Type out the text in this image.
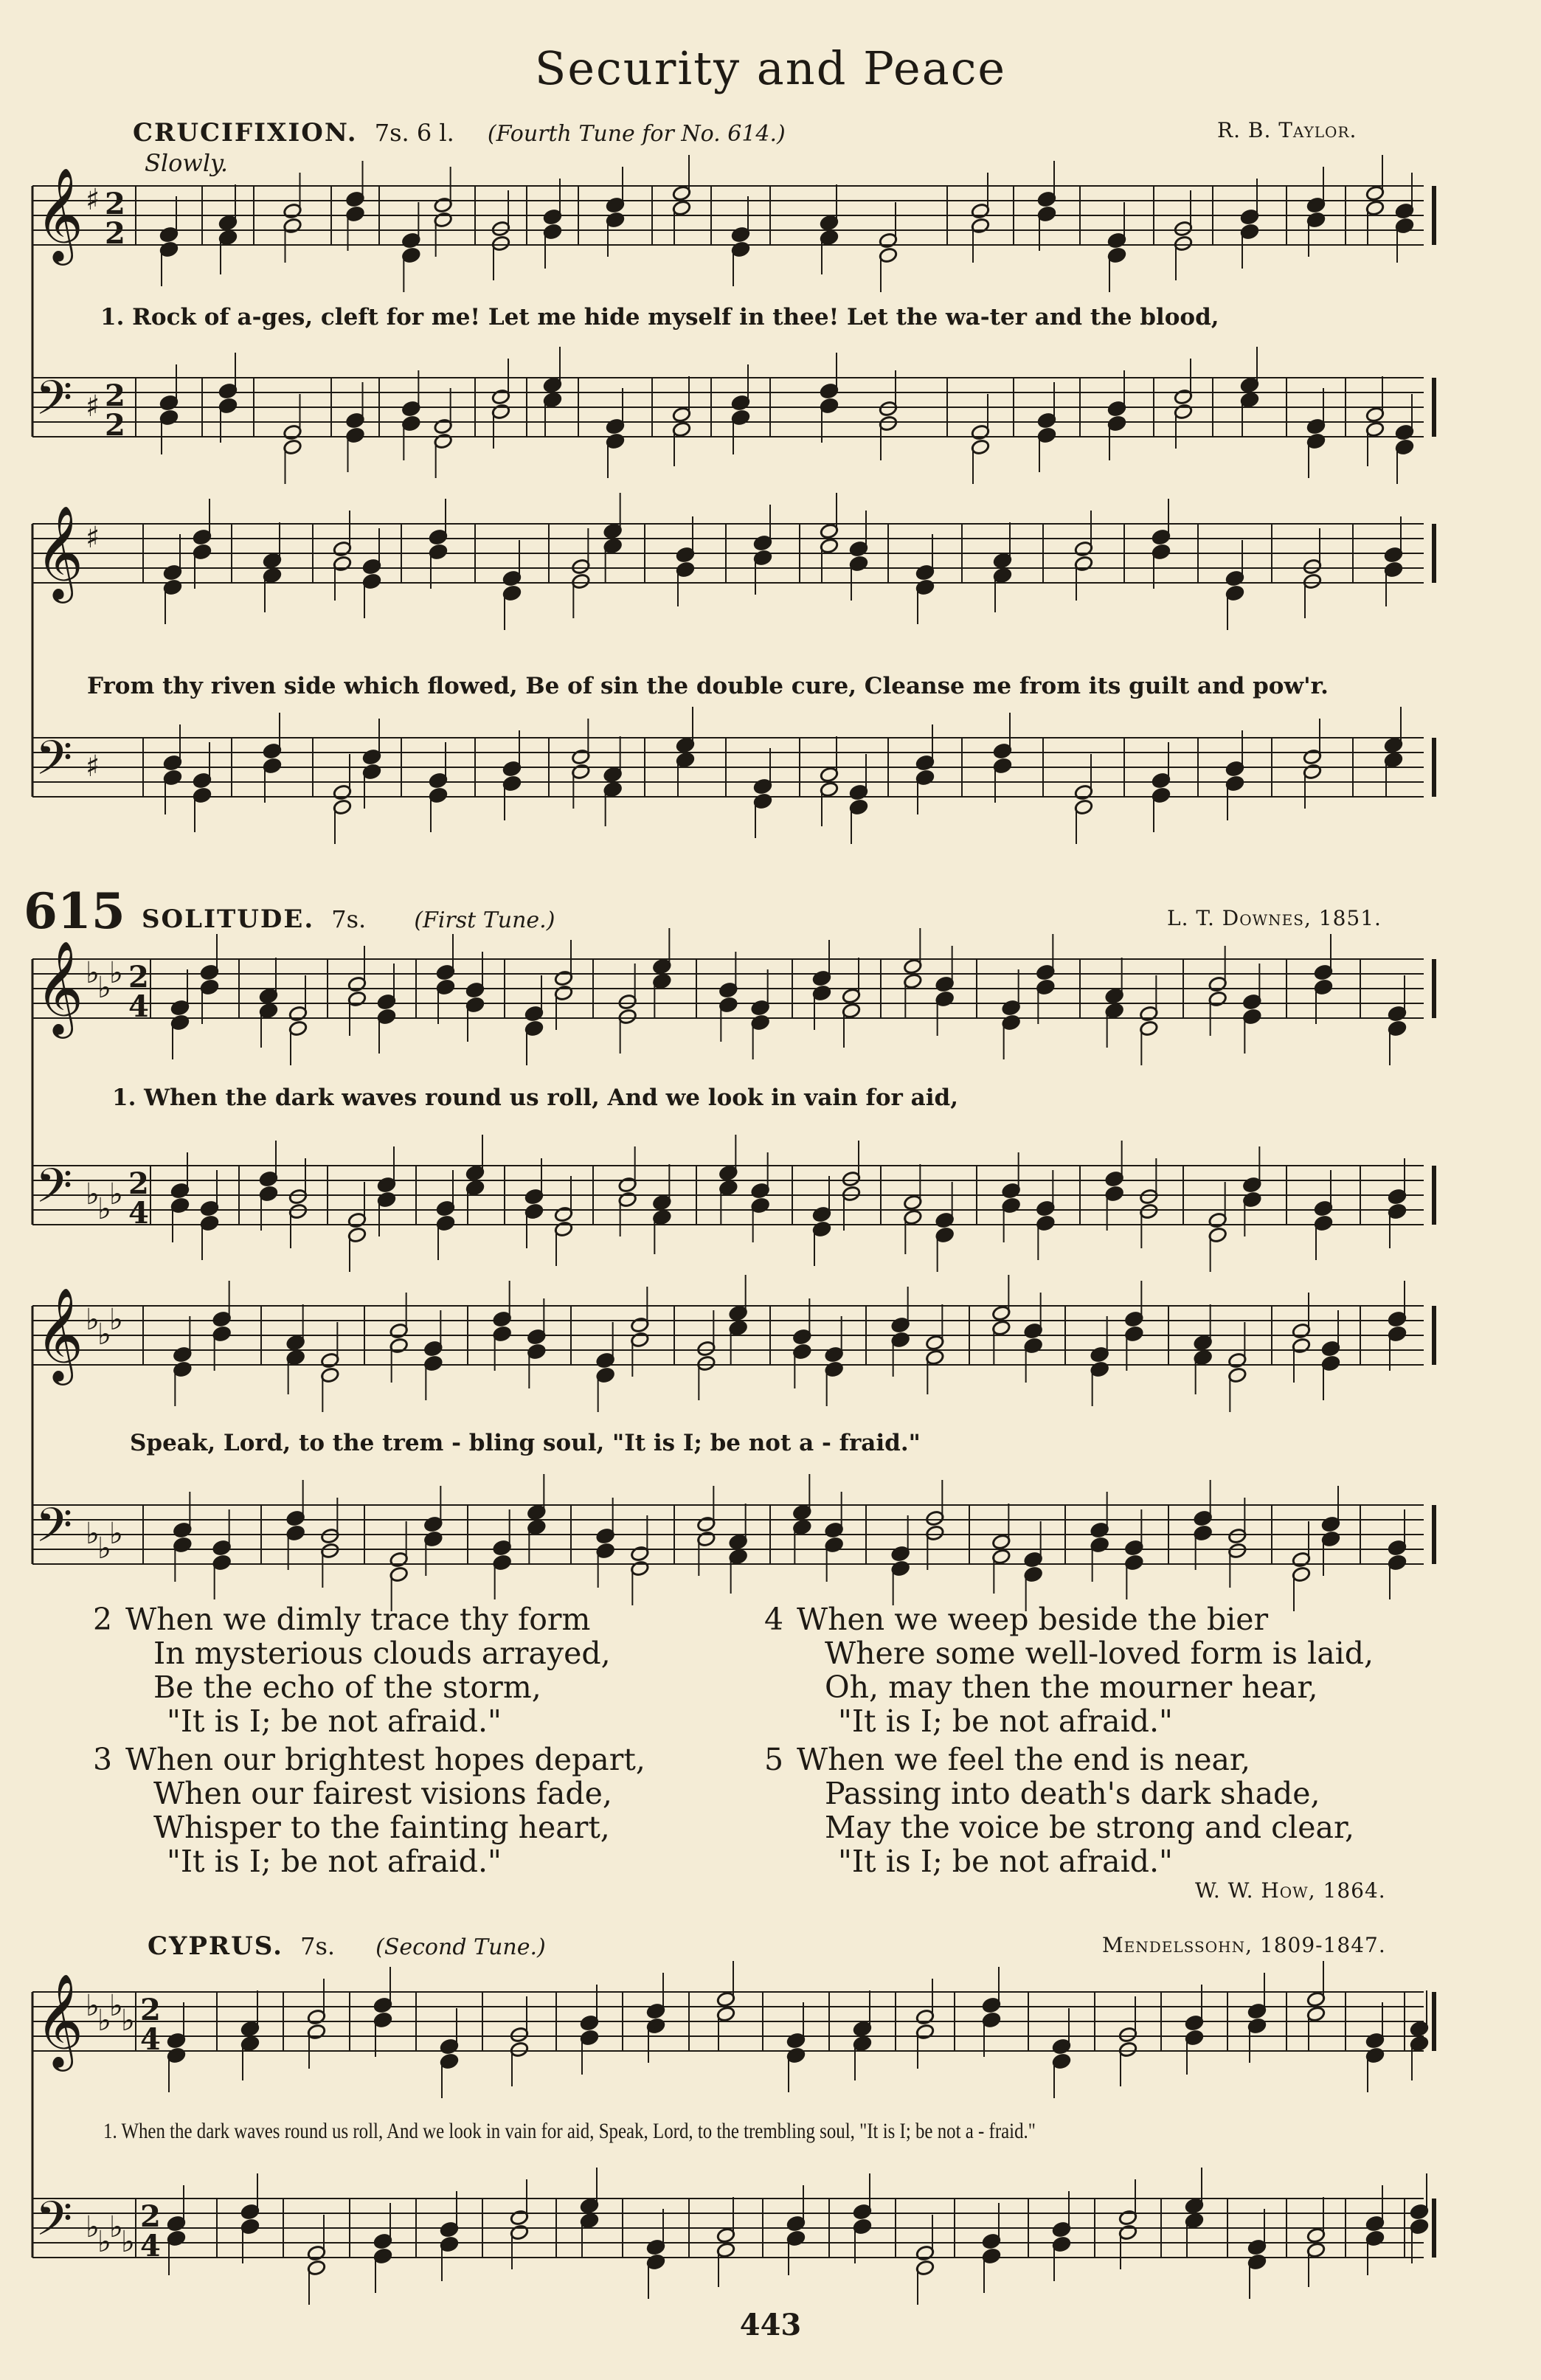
Security and Peace
CRUCIFIXION. 7s. 6 l. (Fourth Tune for No. 614.)	R. B. Taylor.
Slowly.
𝄞 ♯ 2
2
𝄢 ♯ 2
2
1. Rock of a-ges, cleft for me! Let me hide myself in thee! Let the wa-ter and the blood,
𝄞 ♯
𝄢 ♯
From thy riven side which flowed, Be of sin the double cure, Cleanse me from its guilt and pow'r.
615 SOLITUDE. 7s. (First Tune.)	L. T. Downes, 1851.
𝄞 ♭
♭
♭ 2
4
𝄢 ♭
♭
♭ 2
4
1. When the dark waves round us roll, And we look in vain for aid,
𝄞 ♭
♭
♭
𝄢 ♭
♭
♭
Speak, Lord, to the trem - bling soul, "It is I; be not a - fraid."
2 When we dimly trace thy form
In mysterious clouds arrayed,
Be the echo of the storm,
"It is I; be not afraid."
3 When our brightest hopes depart,
When our fairest visions fade,
Whisper to the fainting heart,
"It is I; be not afraid."
4 When we weep beside the bier
Where some well-loved form is laid,
Oh, may then the mourner hear,
"It is I; be not afraid."
5 When we feel the end is near,
Passing into death's dark shade,
May the voice be strong and clear,
"It is I; be not afraid."
W. W. How, 1864.
CYPRUS. 7s. (Second Tune.)	Mendelssohn, 1809-1847.
𝄞 ♭
♭
♭
♭ 2
4
𝄢 ♭
♭
♭
♭
2
4
1. When the dark waves round us roll, And we look in vain for aid, Speak, Lord, to the trembling soul, "It is I; be not a - fraid."
443
